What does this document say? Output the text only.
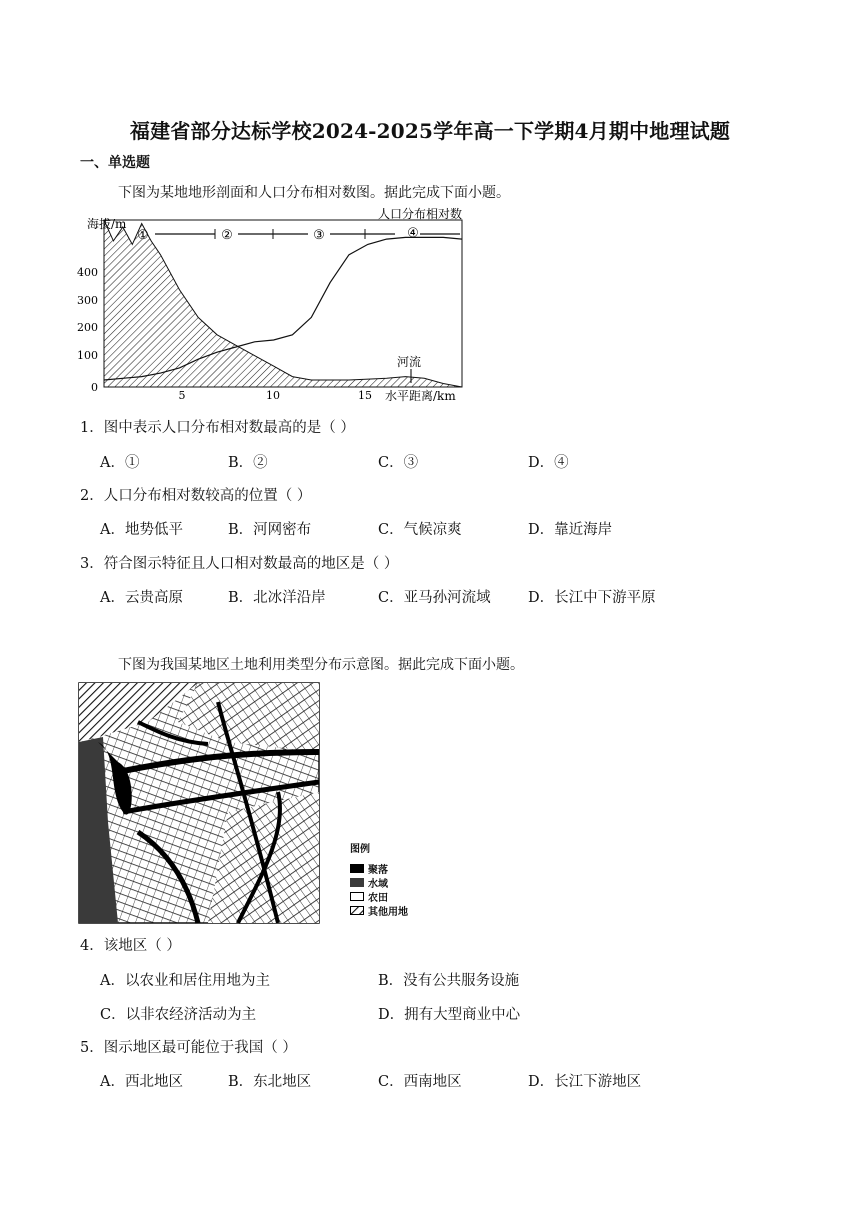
福建省部分达标学校2024-2025学年高一下学期4月期中地理试题
一、单选题
下图为某地地形剖面和人口分布相对数图。据此完成下面小题。
①	②	③	④
海拔/m
人口分布相对数
水平距离/km
河流
400
300
200
100
0
5	10	15
1．图中表示人口分布相对数最高的是（ ）
A．①	B．②	C．③	D．④
2．人口分布相对数较高的位置（ ）
A．地势低平	B．河网密布	C．气候凉爽	D．靠近海岸
3．符合图示特征且人口相对数最高的地区是（ ）
A．云贵高原	B．北冰洋沿岸	C．亚马孙河流域	D．长江中下游平原
下图为我国某地区土地利用类型分布示意图。据此完成下面小题。
图例
聚落
水域
农田
其他用地
4．该地区（ ）
A．以农业和居住用地为主	B．没有公共服务设施
C．以非农经济活动为主	D．拥有大型商业中心
5．图示地区最可能位于我国（ ）
A．西北地区	B．东北地区	C．西南地区	D．长江下游地区
